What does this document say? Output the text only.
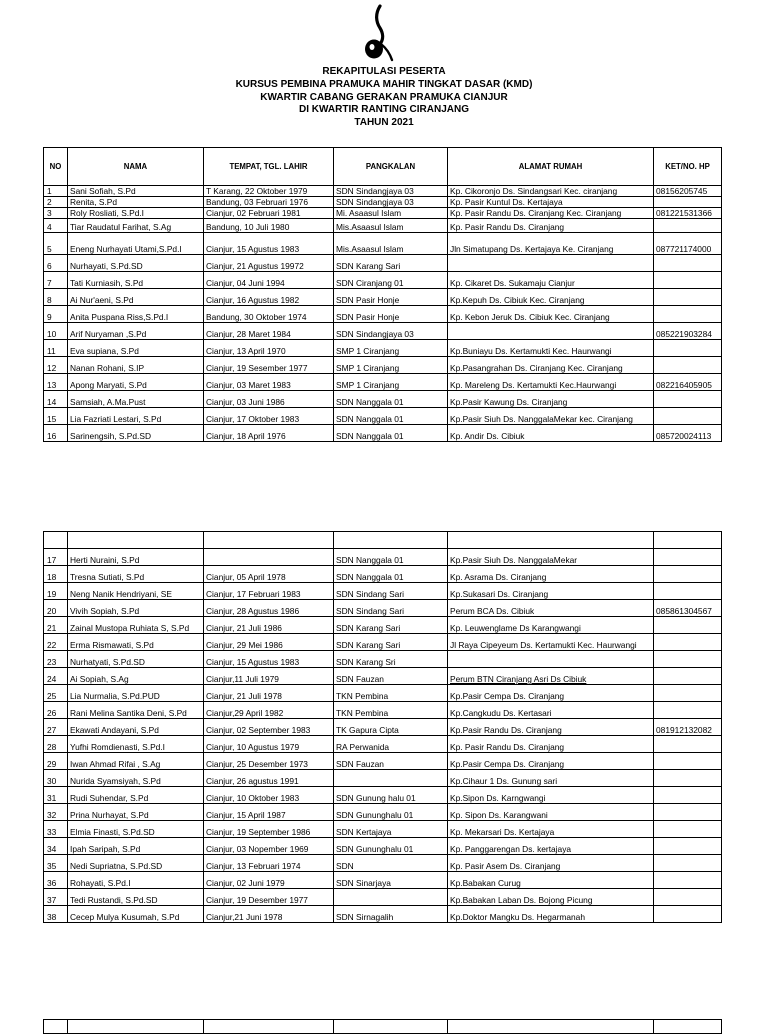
REKAPITULASI PESERTA
KURSUS PEMBINA PRAMUKA MAHIR TINGKAT DASAR (KMD)
KWARTIR CABANG GERAKAN PRAMUKA CIANJUR
DI KWARTIR RANTING CIRANJANG
TAHUN 2021
NO	NAMA	TEMPAT, TGL. LAHIR	PANGKALAN	ALAMAT RUMAH	KET/NO. HP
1	Sani Sofiah, S.Pd	T Karang, 22 Oktober 1979	SDN Sindangjaya 03	Kp. Cikoronjo Ds. Sindangsari Kec. ciranjang	08156205745
2	Renita, S.Pd	Bandung, 03 Februari 1976	SDN Sindangjaya 03	Kp. Pasir Kuntul Ds. Kertajaya	
3	Roly Rosliati, S.Pd.I	Cianjur, 02 Februari 1981	Mi. Asaasul Islam	Kp. Pasir Randu Ds. Ciranjang Kec. Ciranjang	081221531366
4	Tiar Raudatul Farihat, S.Ag	Bandung, 10 Juli 1980	Mis.Asaasul Islam	Kp. Pasir Randu Ds. Ciranjang	
5	Eneng Nurhayati Utami,S.Pd.I	Cianjur, 15 Agustus 1983	Mis.Asaasul Islam	Jln Simatupang Ds. Kertajaya Ke. Ciranjang	087721174000
6	Nurhayati, S.Pd.SD	Cianjur, 21 Agustus 19972	SDN Karang Sari		
7	Tati Kurniasih, S.Pd	Cianjur, 04 Juni 1994	SDN Ciranjang 01	Kp. Cikaret Ds. Sukamaju Cianjur	
8	Ai Nur'aeni, S.Pd	Cianjur, 16 Agustus 1982	SDN Pasir Honje	Kp.Kepuh Ds. Cibiuk Kec. Ciranjang	
9	Anita Puspana Riss,S.Pd.I	Bandung, 30 Oktober 1974	SDN Pasir Honje	Kp. Kebon Jeruk Ds. Cibiuk Kec. Ciranjang	
10	Arif Nuryaman ,S.Pd	Cianjur, 28 Maret 1984	SDN Sindangjaya 03		085221903284
11	Eva supiana, S.Pd	Cianjur, 13 April 1970	SMP 1 Ciranjang	Kp.Buniayu Ds. Kertamukti Kec. Haurwangi	
12	Nanan Rohani, S.IP	Cianjur, 19 Sesember 1977	SMP 1 Ciranjang	Kp.Pasangrahan Ds. Ciranjang Kec. Ciranjang	
13	Apong Maryati, S.Pd	Cianjur, 03 Maret 1983	SMP 1 Ciranjang	Kp. Mareleng Ds. Kertamukti Kec.Haurwangi	082216405905
14	Samsiah, A.Ma.Pust	Cianjur, 03 Juni 1986	SDN Nanggala 01	Kp.Pasir Kawung Ds. Ciranjang	
15	Lia Fazriati Lestari, S.Pd	Cianjur, 17 Oktober 1983	SDN Nanggala 01	Kp.Pasir Siuh Ds. NanggalaMekar kec. Ciranjang	
16	Sarinengsih, S.Pd.SD	Cianjur, 18 April 1976	SDN Nanggala 01	Kp. Andir Ds. Cibiuk	085720024113

17	Herti Nuraini, S.Pd		SDN Nanggala 01	Kp.Pasir Siuh Ds. NanggalaMekar	
18	Tresna Sutiati, S.Pd	Cianjur, 05 April 1978	SDN Nanggala 01	Kp. Asrama Ds. Ciranjang	
19	Neng Nanik Hendriyani, SE	Cianjur, 17 Februari 1983	SDN Sindang Sari	Kp.Sukasari Ds. Ciranjang	
20	Vivih Sopiah, S.Pd	Cianjur, 28 Agustus 1986	SDN Sindang Sari	Perum BCA Ds. Cibiuk	085861304567
21	Zainal Mustopa Ruhiata S, S.Pd	Cianjur, 21 Juli 1986	SDN Karang Sari	Kp. Leuwenglame Ds Karangwangi	
22	Erma Rismawati, S.Pd	Cianjur, 29 Mei 1986	SDN Karang Sari	Jl Raya Cipeyeum Ds. Kertamukti Kec. Haurwangi	
23	Nurhatyati, S.Pd.SD	Cianjur, 15 Agustus 1983	SDN Karang Sri		
24	Ai Sopiah, S.Ag	Cianjur,11 Juli 1979	SDN Fauzan	Perum BTN Ciranjang Asri Ds Cibiuk	
25	Lia Nurmalia, S.Pd.PUD	Cianjur, 21 Juli 1978	TKN Pembina	Kp.Pasir Cempa Ds. Ciranjang	
26	Rani Melina Santika Deni, S.Pd	Cianjur,29 April 1982	TKN Pembina	Kp.Cangkudu Ds. Kertasari	
27	Ekawati Andayani, S.Pd	Cianjur, 02 September 1983	TK Gapura Cipta	Kp.Pasir Randu Ds. Ciranjang	081912132082
28	Yufhi Romdienasti, S.Pd.I	Cianjur, 10 Agustus 1979	RA Perwanida	Kp. Pasir Randu Ds. Ciranjang	
29	Iwan Ahmad Rifai , S.Ag	Cianjur, 25 Desember 1973	SDN Fauzan	Kp.Pasir Cempa Ds. Ciranjang	
30	Nurida Syamsiyah, S.Pd	Cianjur, 26 agustus 1991		Kp.Cihaur 1 Ds. Gunung sari	
31	Rudi Suhendar, S.Pd	Cianjur, 10 Oktober 1983	SDN Gunung halu 01	Kp.Sipon Ds. Karngwangi	
32	Prina Nurhayat, S.Pd	Cianjur, 15 April 1987	SDN Gununghalu 01	Kp. Sipon Ds. Karangwani	
33	Elmia Finasti, S.Pd.SD	Cianjur, 19 September 1986	SDN Kertajaya	Kp. Mekarsari Ds. Kertajaya	
34	Ipah Saripah, S.Pd	Cianjur, 03 Nopember 1969	SDN Gununghalu 01	Kp. Panggarengan Ds. kertajaya	
35	Nedi Supriatna, S.Pd.SD	Cianjur, 13 Februari 1974	SDN	Kp. Pasir Asem Ds. Ciranjang	
36	Rohayati, S.Pd.I	Cianjur, 02 Juni 1979	SDN Sinarjaya	Kp.Babakan Curug	
37	Tedi Rustandi, S.Pd.SD	Cianjur, 19 Desember 1977		Kp.Babakan Laban Ds. Bojong Picung	
38	Cecep Mulya Kusumah, S.Pd	Cianjur,21 Juni 1978	SDN Sirnagalih	Kp.Doktor Mangku Ds. Hegarmanah	
